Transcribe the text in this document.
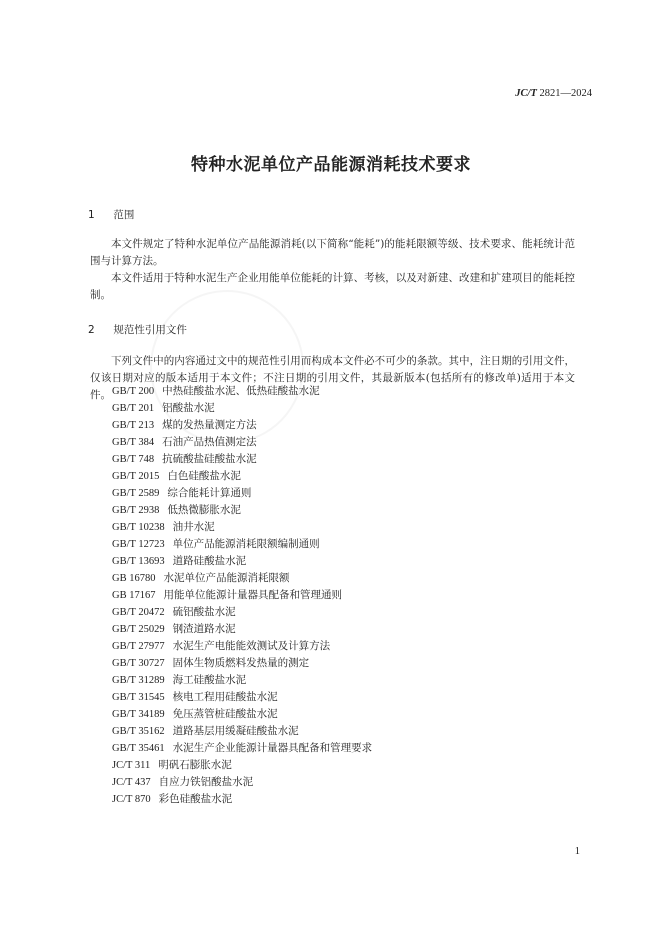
JC/T 2821—2024
特种水泥单位产品能源消耗技术要求
1 范围
本文件规定了特种水泥单位产品能源消耗(以下简称“能耗”)的能耗限额等级、技术要求、能耗统计范围与计算方法。
本文件适用于特种水泥生产企业用能单位能耗的计算、考核，以及对新建、改建和扩建项目的能耗控制。
2 规范性引用文件
下列文件中的内容通过文中的规范性引用而构成本文件必不可少的条款。其中，注日期的引用文件，仅该日期对应的版本适用于本文件；不注日期的引用文件，其最新版本(包括所有的修改单)适用于本文件。 GB/T 200 中热硅酸盐水泥、低热硅酸盐水泥
GB/T 201 铝酸盐水泥
GB/T 213 煤的发热量测定方法
GB/T 384 石油产品热值测定法
GB/T 748 抗硫酸盐硅酸盐水泥
GB/T 2015 白色硅酸盐水泥
GB/T 2589 综合能耗计算通则
GB/T 2938 低热微膨胀水泥
GB/T 10238 油井水泥
GB/T 12723 单位产品能源消耗限额编制通则
GB/T 13693 道路硅酸盐水泥
GB 16780 水泥单位产品能源消耗限额
GB 17167 用能单位能源计量器具配备和管理通则
GB/T 20472 硫铝酸盐水泥
GB/T 25029 钢渣道路水泥
GB/T 27977 水泥生产电能能效测试及计算方法
GB/T 30727 固体生物质燃料发热量的测定
GB/T 31289 海工硅酸盐水泥
GB/T 31545 核电工程用硅酸盐水泥
GB/T 34189 免压蒸管桩硅酸盐水泥
GB/T 35162 道路基层用缓凝硅酸盐水泥
GB/T 35461 水泥生产企业能源计量器具配备和管理要求
JC/T 311 明矾石膨胀水泥
JC/T 437 自应力铁铝酸盐水泥
JC/T 870 彩色硅酸盐水泥
1
